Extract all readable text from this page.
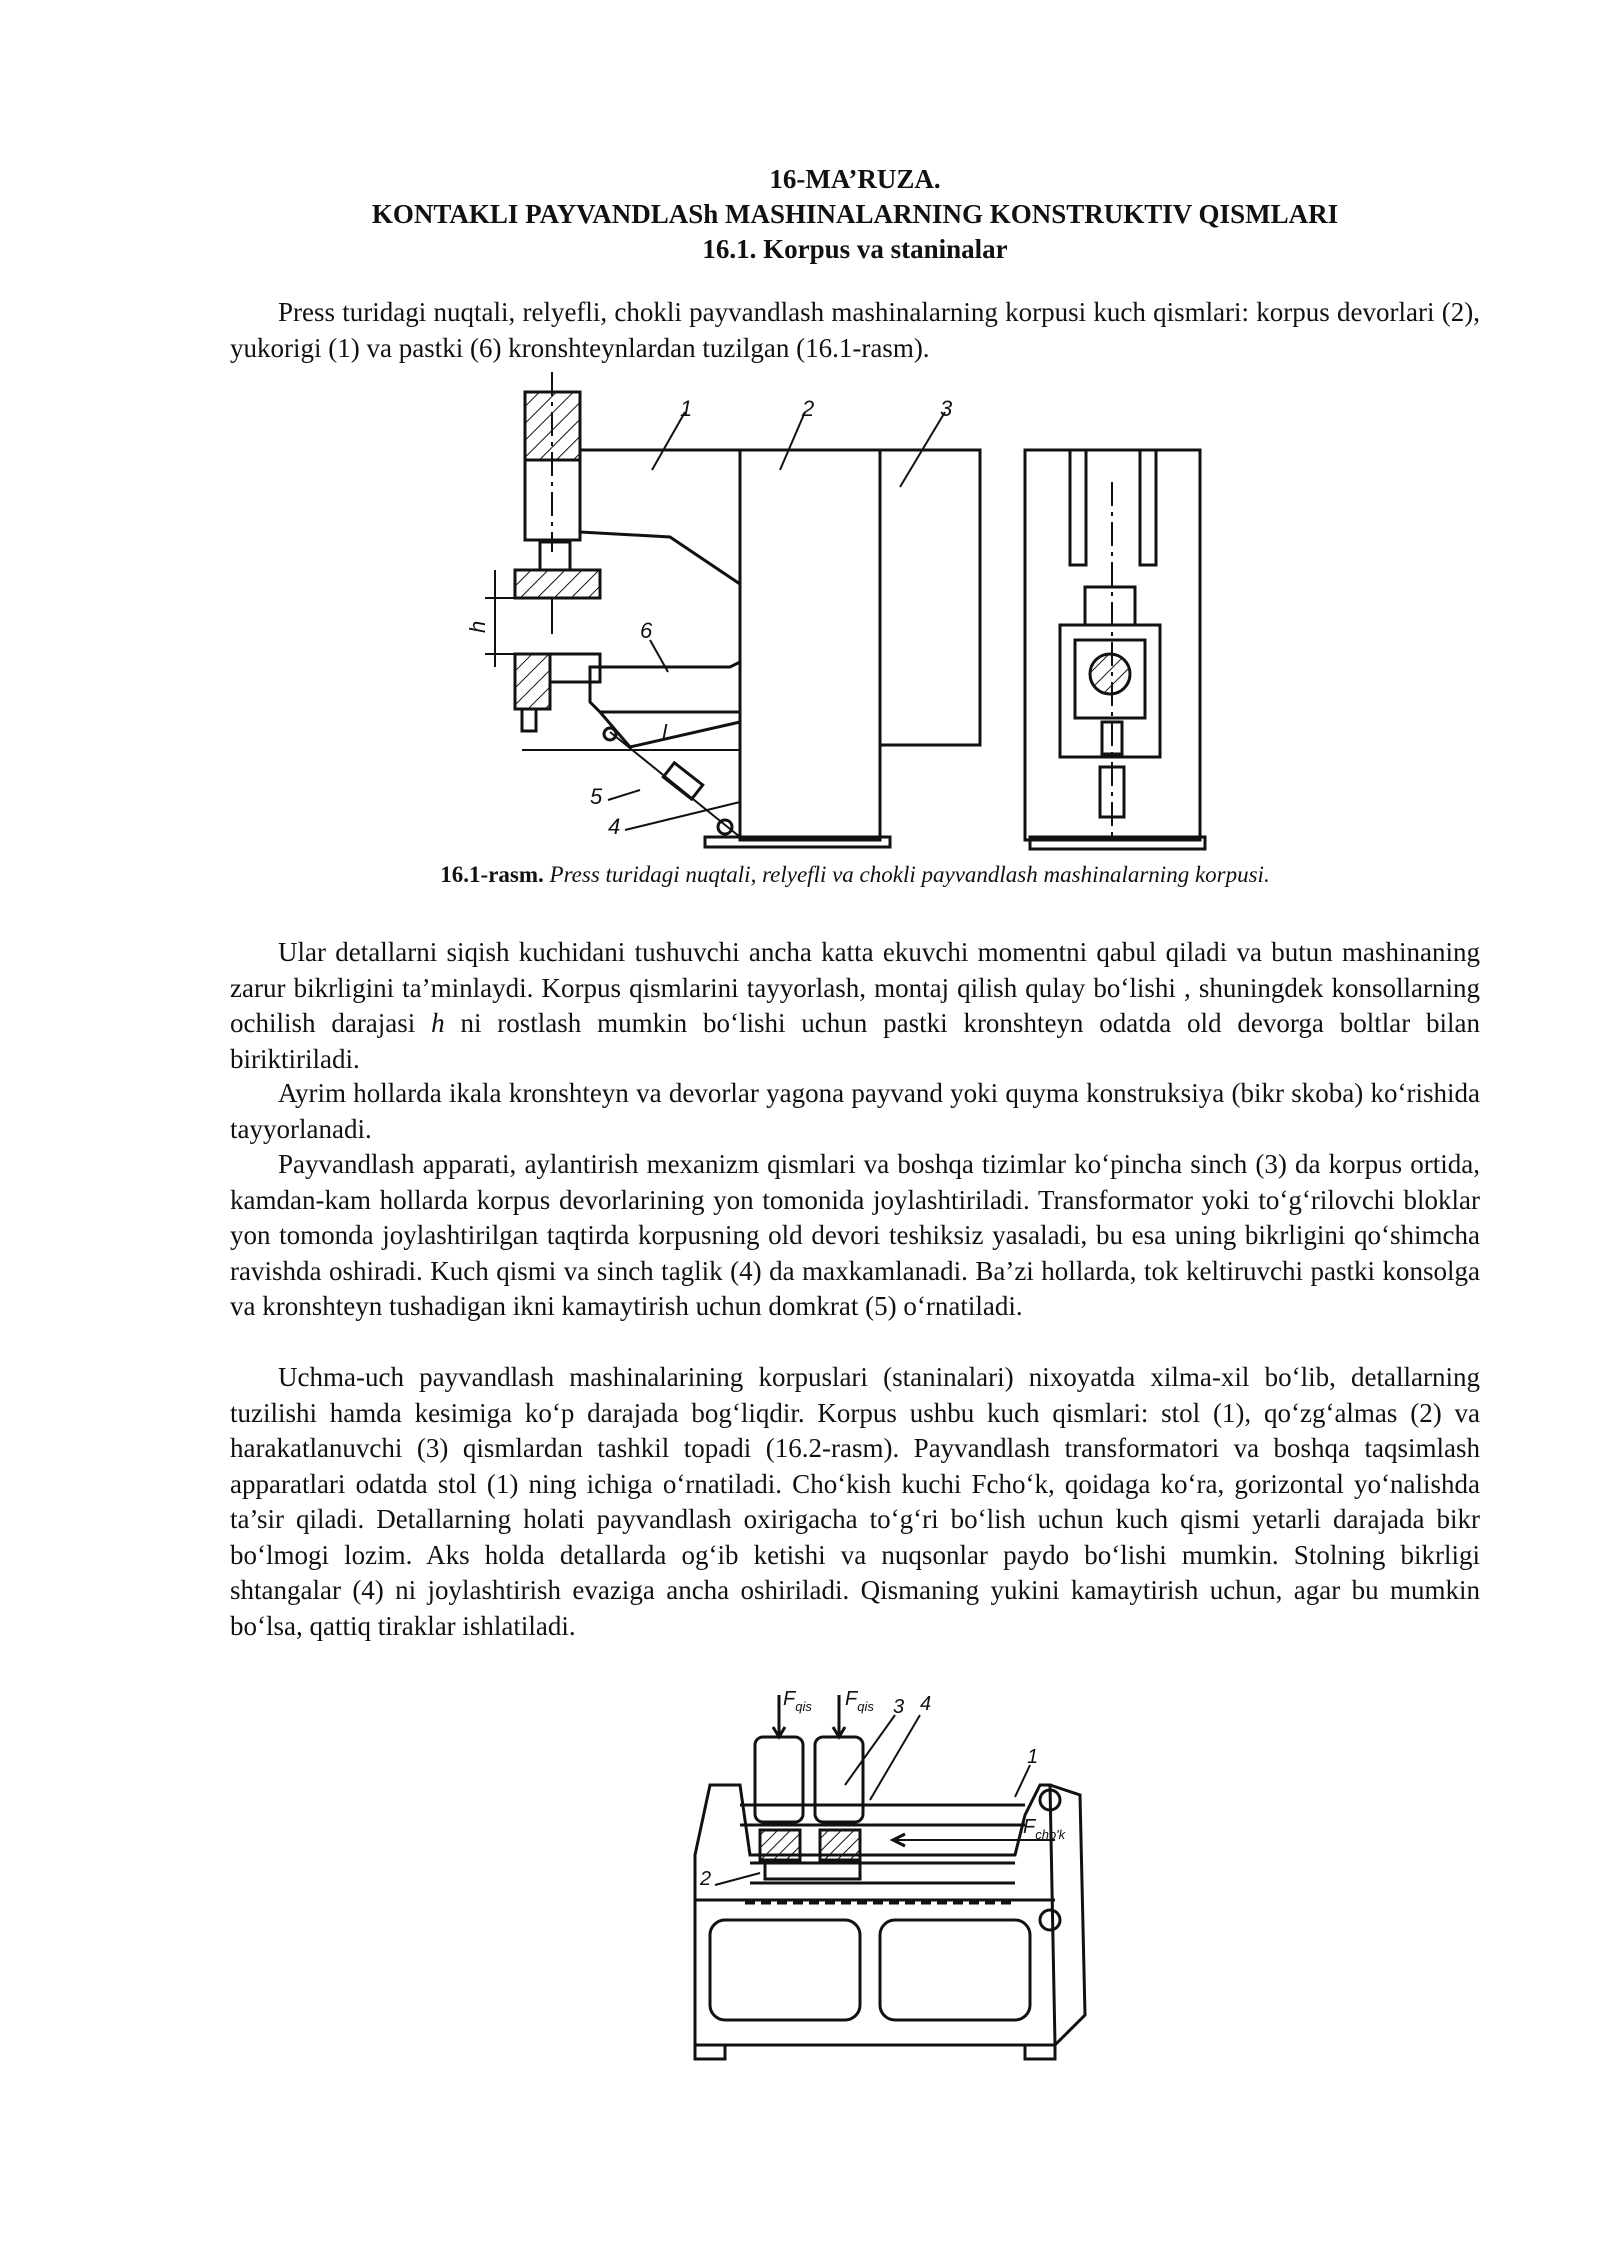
16-MA’RUZA.
KONTAKLI PAYVANDLASh MASHINALARNING KONSTRUKTIV QISMLARI
16.1. Korpus va staninalar
Press turidagi nuqtali, relyefli, chokli payvandlash mashinalarning korpusi kuch qismlari: korpus devorlari (2), yukorigi (1) va pastki (6) kronshteynlardan tuzilgan (16.1-rasm).
1	2	3
6
5
4
h
l
16.1-rasm. Press turidagi nuqtali, relyefli va chokli payvandlash mashinalarning korpusi.
Ular detallarni siqish kuchidani tushuvchi ancha katta ekuvchi momentni qabul qiladi va butun mashinaning zarur bikrligini ta’minlaydi. Korpus qismlarini tayyorlash, montaj qilish qulay bo‘lishi , shuningdek konsollarning ochilish darajasi h ni rostlash mumkin bo‘lishi uchun pastki kronshteyn odatda old devorga boltlar bilan biriktiriladi.
Ayrim hollarda ikala kronshteyn va devorlar yagona payvand yoki quyma konstruksiya (bikr skoba) ko‘rishida tayyorlanadi.
Payvandlash apparati, aylantirish mexanizm qismlari va boshqa tizimlar ko‘pincha sinch (3) da korpus ortida, kamdan-kam hollarda korpus devorlarining yon tomonida joylashtiriladi. Transformator yoki to‘g‘rilovchi bloklar yon tomonda joylashtirilgan taqtirda korpusning old devori teshiksiz yasaladi, bu esa uning bikrligini qo‘shimcha ravishda oshiradi. Kuch qismi va sinch taglik (4) da maxkamlanadi. Ba’zi hollarda, tok keltiruvchi pastki konsolga va kronshteyn tushadigan ikni kamaytirish uchun domkrat (5) o‘rnatiladi.
Uchma-uch payvandlash mashinalarining korpuslari (staninalari) nixoyatda xilma-xil bo‘lib, detallarning tuzilishi hamda kesimiga ko‘p darajada bog‘liqdir. Korpus ushbu kuch qismlari: stol (1), qo‘zg‘almas (2) va harakatlanuvchi (3) qismlardan tashkil topadi (16.2-rasm). Payvandlash transformatori va boshqa taqsimlash apparatlari odatda stol (1) ning ichiga o‘rnatiladi. Cho‘kish kuchi Fcho‘k, qoidaga ko‘ra, gorizontal yo‘nalishda ta’sir qiladi. Detallarning holati payvandlash oxirigacha to‘g‘ri bo‘lish uchun kuch qismi yetarli darajada bikr bo‘lmogi lozim. Aks holda detallarda og‘ib ketishi va nuqsonlar paydo bo‘lishi mumkin. Stolning bikrligi shtangalar (4) ni joylashtirish evaziga ancha oshiriladi. Qismaning yukini kamaytirish uchun, agar bu mumkin bo‘lsa, qattiq tiraklar ishlatiladi.
$F_{qis}$ $F_{qis}$ 3 4
1
$F_{cho'k}$
2
